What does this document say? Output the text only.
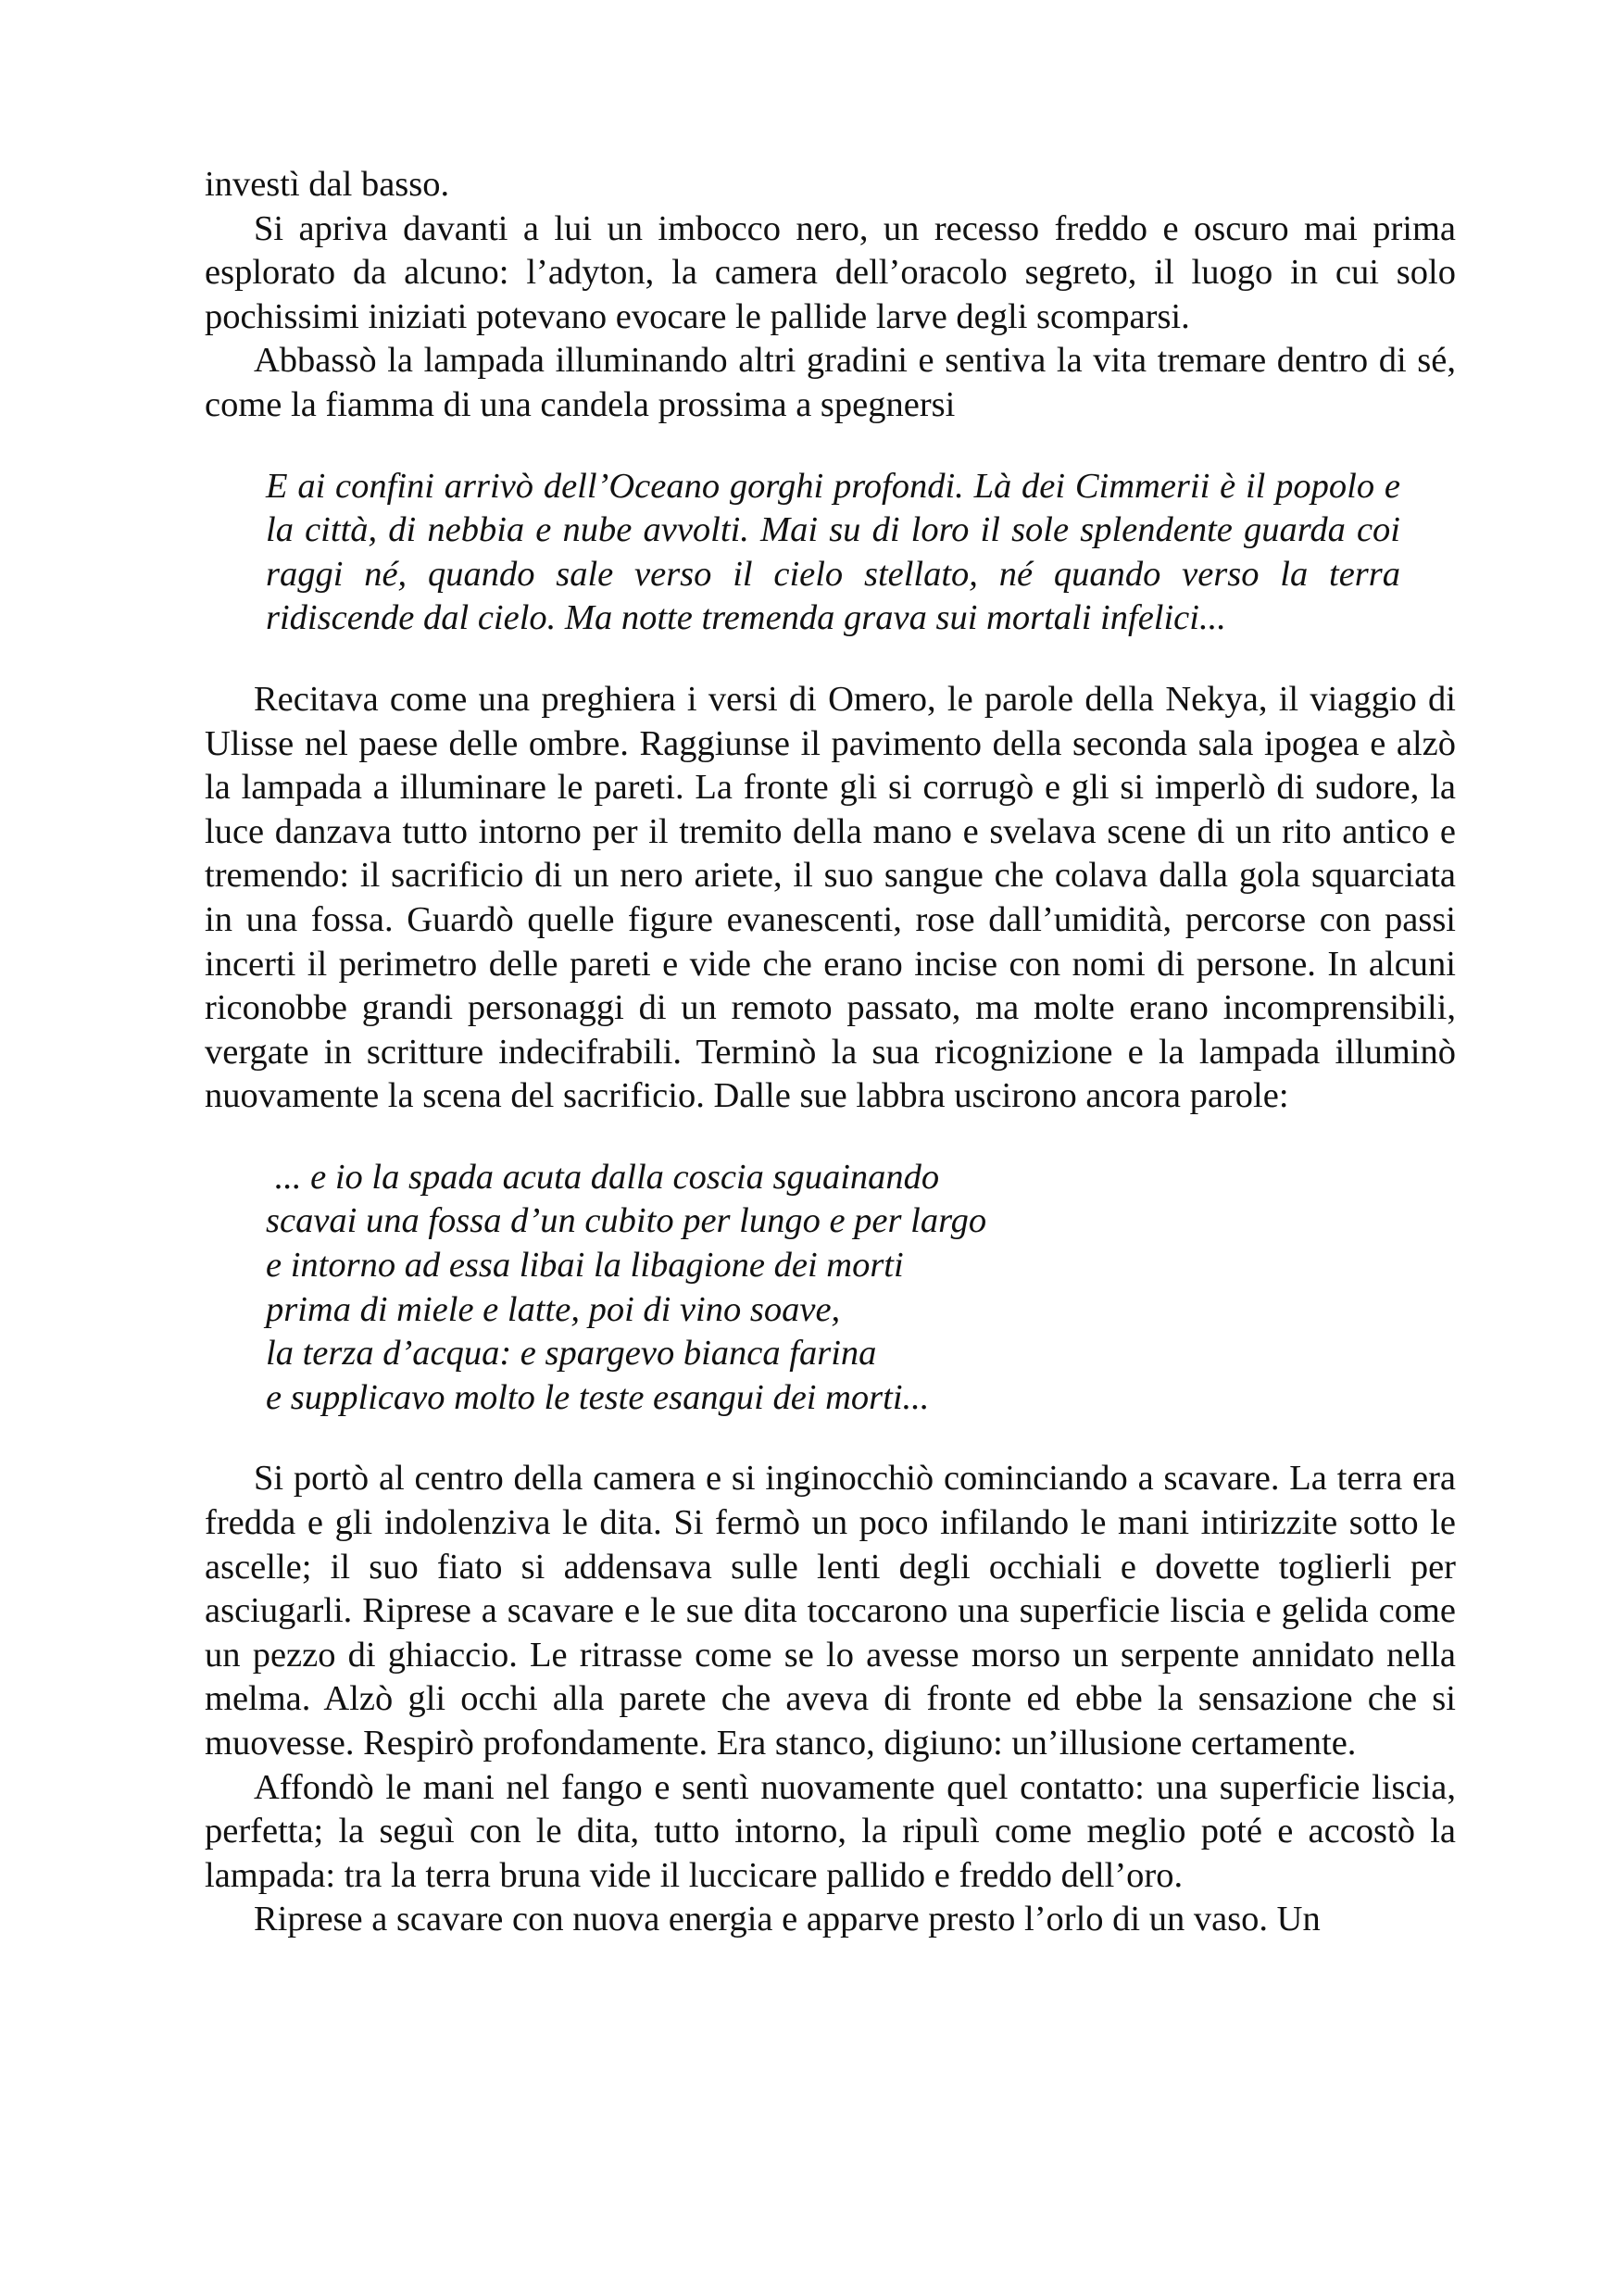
investì dal basso.

Si apriva davanti a lui un imbocco nero, un recesso freddo e oscuro mai prima esplorato da alcuno: l’adyton, la camera dell’oracolo segreto, il luogo in cui solo pochissimi iniziati potevano evocare le pallide larve degli scomparsi.

Abbassò la lampada illuminando altri gradini e sentiva la vita tremare dentro di sé, come la fiamma di una candela prossima a spegnersi

E ai confini arrivò dell’Oceano gorghi profondi. Là dei Cimmerii è il popolo e la città, di nebbia e nube avvolti. Mai su di loro il sole splendente guarda coi raggi né, quando sale verso il cielo stellato, né quando verso la terra ridiscende dal cielo. Ma notte tremenda grava sui mortali infelici...

Recitava come una preghiera i versi di Omero, le parole della Nekya, il viaggio di Ulisse nel paese delle ombre. Raggiunse il pavimento della seconda sala ipogea e alzò la lampada a illuminare le pareti. La fronte gli si corrugò e gli si imperlò di sudore, la luce danzava tutto intorno per il tremito della mano e svelava scene di un rito antico e tremendo: il sacrificio di un nero ariete, il suo sangue che colava dalla gola squarciata in una fossa. Guardò quelle figure evanescenti, rose dall’umidità, percorse con passi incerti il perimetro delle pareti e vide che erano incise con nomi di persone. In alcuni riconobbe grandi personaggi di un remoto passato, ma molte erano incomprensibili, vergate in scritture indecifrabili. Terminò la sua ricognizione e la lampada illuminò nuovamente la scena del sacrificio. Dalle sue labbra uscirono ancora parole:

... e io la spada acuta dalla coscia sguainando

scavai una fossa d’un cubito per lungo e per largo

e intorno ad essa libai la libagione dei morti

prima di miele e latte, poi di vino soave,

la terza d’acqua: e spargevo bianca farina

e supplicavo molto le teste esangui dei morti...

Si portò al centro della camera e si inginocchiò cominciando a scavare. La terra era fredda e gli indolenziva le dita. Si fermò un poco infilando le mani intirizzite sotto le ascelle; il suo fiato si addensava sulle lenti degli occhiali e dovette toglierli per asciugarli. Riprese a scavare e le sue dita toccarono una superficie liscia e gelida come un pezzo di ghiaccio. Le ritrasse come se lo avesse morso un serpente annidato nella melma. Alzò gli occhi alla parete che aveva di fronte ed ebbe la sensazione che si muovesse. Respirò profondamente. Era stanco, digiuno: un’illusione certamente.

Affondò le mani nel fango e sentì nuovamente quel contatto: una superficie liscia, perfetta; la seguì con le dita, tutto intorno, la ripulì come meglio poté e accostò la lampada: tra la terra bruna vide il luccicare pallido e freddo dell’oro.

Riprese a scavare con nuova energia e apparve presto l’orlo di un vaso. Un
